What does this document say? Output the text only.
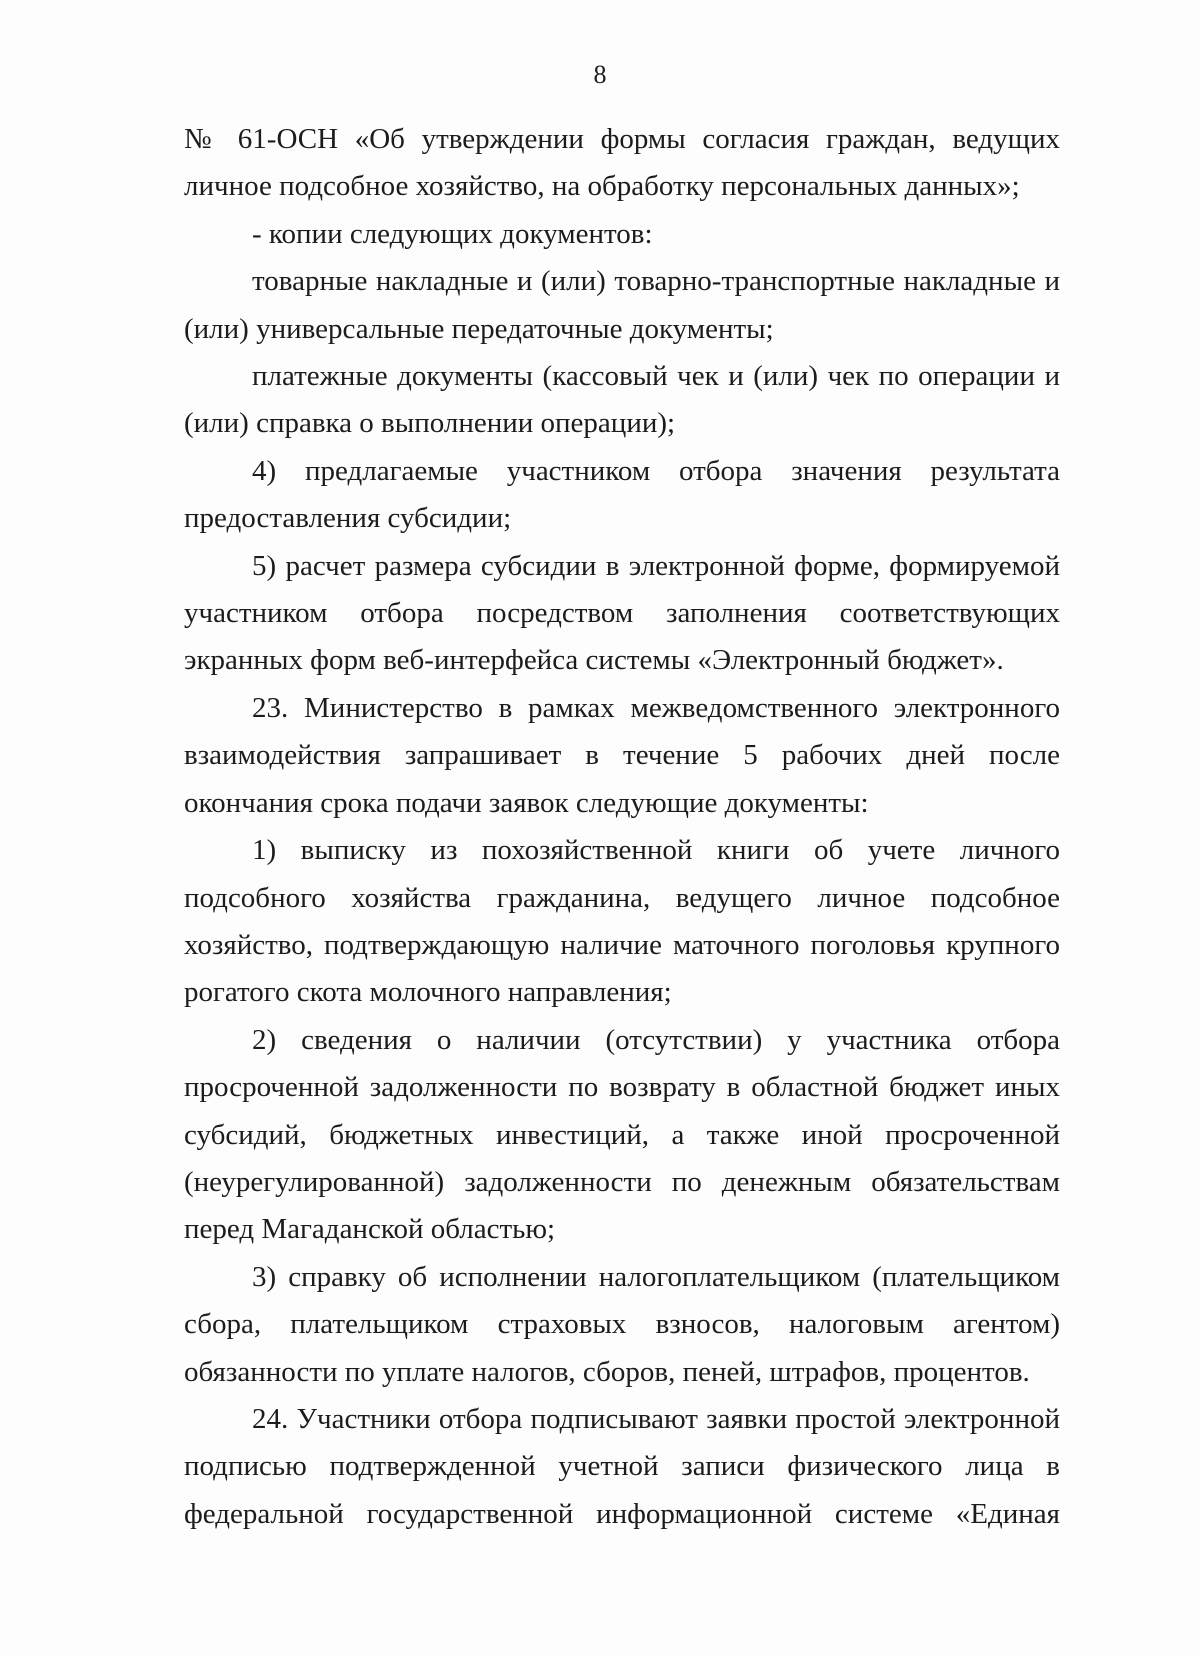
8

№ 61-ОСН «Об утверждении формы согласия граждан, ведущих личное подсобное хозяйство, на обработку персональных данных»;

- копии следующих документов:

товарные накладные и (или) товарно-транспортные накладные и (или) универсальные передаточные документы;

платежные документы (кассовый чек и (или) чек по операции и (или) справка о выполнении операции);

4) предлагаемые участником отбора значения результата предоставления субсидии;

5) расчет размера субсидии в электронной форме, формируемой участником отбора посредством заполнения соответствующих экранных форм веб-интерфейса системы «Электронный бюджет».

23. Министерство в рамках межведомственного электронного взаимодействия запрашивает в течение 5 рабочих дней после окончания срока подачи заявок следующие документы:

1) выписку из похозяйственной книги об учете личного подсобного хозяйства гражданина, ведущего личное подсобное хозяйство, подтверждающую наличие маточного поголовья крупного рогатого скота молочного направления;

2) сведения о наличии (отсутствии) у участника отбора просроченной задолженности по возврату в областной бюджет иных субсидий, бюджетных инвестиций, а также иной просроченной (неурегулированной) задолженности по денежным обязательствам перед Магаданской областью;

3) справку об исполнении налогоплательщиком (плательщиком сбора, плательщиком страховых взносов, налоговым агентом) обязанности по уплате налогов, сборов, пеней, штрафов, процентов.

24. Участники отбора подписывают заявки простой электронной подписью подтвержденной учетной записи физического лица в федеральной государственной информационной системе «Единая
